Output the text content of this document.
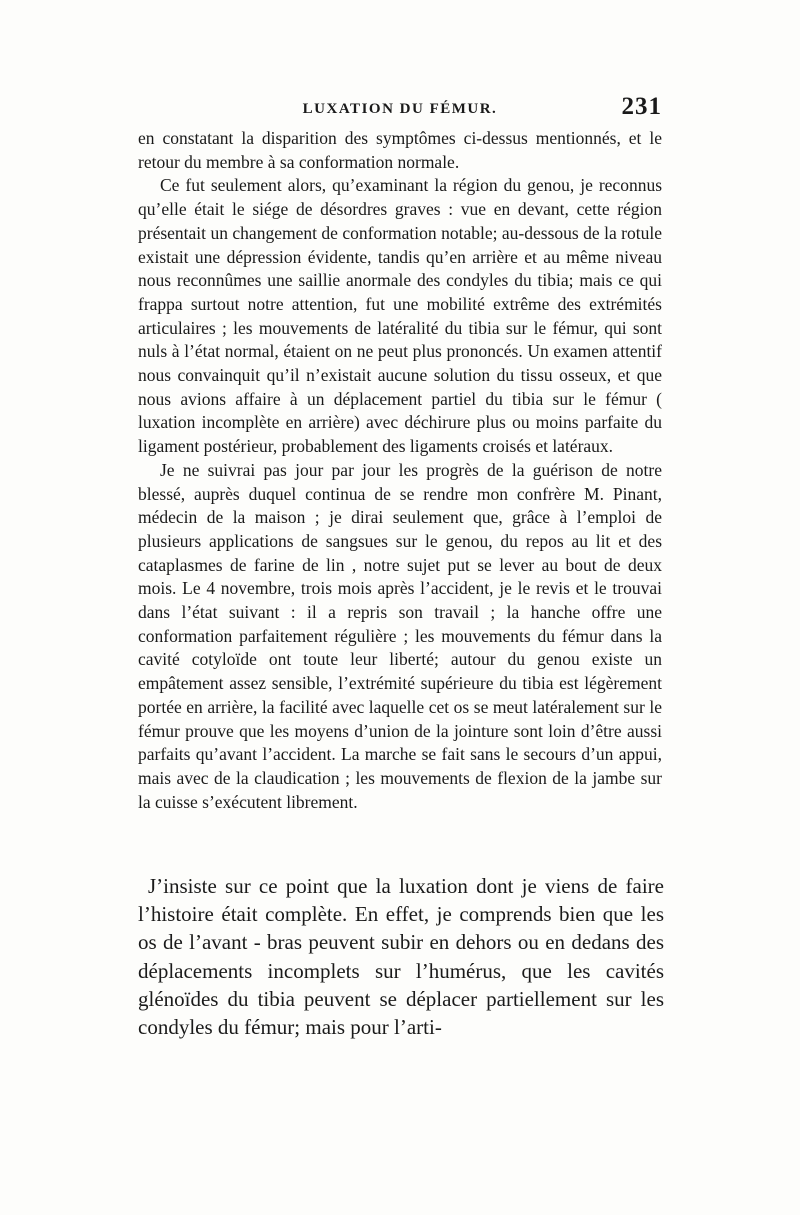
LUXATION DU FÉMUR.	231

en constatant la disparition des symptômes ci-dessus mentionnés, et le retour du membre à sa conformation normale.

Ce fut seulement alors, qu’examinant la région du genou, je reconnus qu’elle était le siége de désordres graves : vue en devant, cette région présentait un changement de conformation notable; au-dessous de la rotule existait une dépression évidente, tandis qu’en arrière et au même niveau nous reconnûmes une saillie anormale des condyles du tibia; mais ce qui frappa surtout notre attention, fut une mobilité extrême des extrémités articulaires ; les mouvements de latéralité du tibia sur le fémur, qui sont nuls à l’état normal, étaient on ne peut plus prononcés. Un examen attentif nous convainquit qu’il n’existait aucune solution du tissu osseux, et que nous avions affaire à un déplacement partiel du tibia sur le fémur ( luxation incomplète en arrière) avec déchirure plus ou moins parfaite du ligament postérieur, probablement des ligaments croisés et latéraux.

Je ne suivrai pas jour par jour les progrès de la guérison de notre blessé, auprès duquel continua de se rendre mon confrère M. Pinant, médecin de la maison ; je dirai seulement que, grâce à l’emploi de plusieurs applications de sangsues sur le genou, du repos au lit et des cataplasmes de farine de lin , notre sujet put se lever au bout de deux mois. Le 4 novembre, trois mois après l’accident, je le revis et le trouvai dans l’état suivant : il a repris son travail ; la hanche offre une conformation parfaitement régulière ; les mouvements du fémur dans la cavité cotyloïde ont toute leur liberté; autour du genou existe un empâtement assez sensible, l’extrémité supérieure du tibia est légèrement portée en arrière, la facilité avec laquelle cet os se meut latéralement sur le fémur prouve que les moyens d’union de la jointure sont loin d’être aussi parfaits qu’avant l’accident. La marche se fait sans le secours d’un appui, mais avec de la claudication ; les mouvements de flexion de la jambe sur la cuisse s’exécutent librement.

J’insiste sur ce point que la luxation dont je viens de faire l’histoire était complète. En effet, je comprends bien que les os de l’avant - bras peuvent subir en dehors ou en dedans des déplacements incomplets sur l’humérus, que les cavités glénoïdes du tibia peuvent se déplacer partiellement sur les condyles du fémur; mais pour l’arti-
